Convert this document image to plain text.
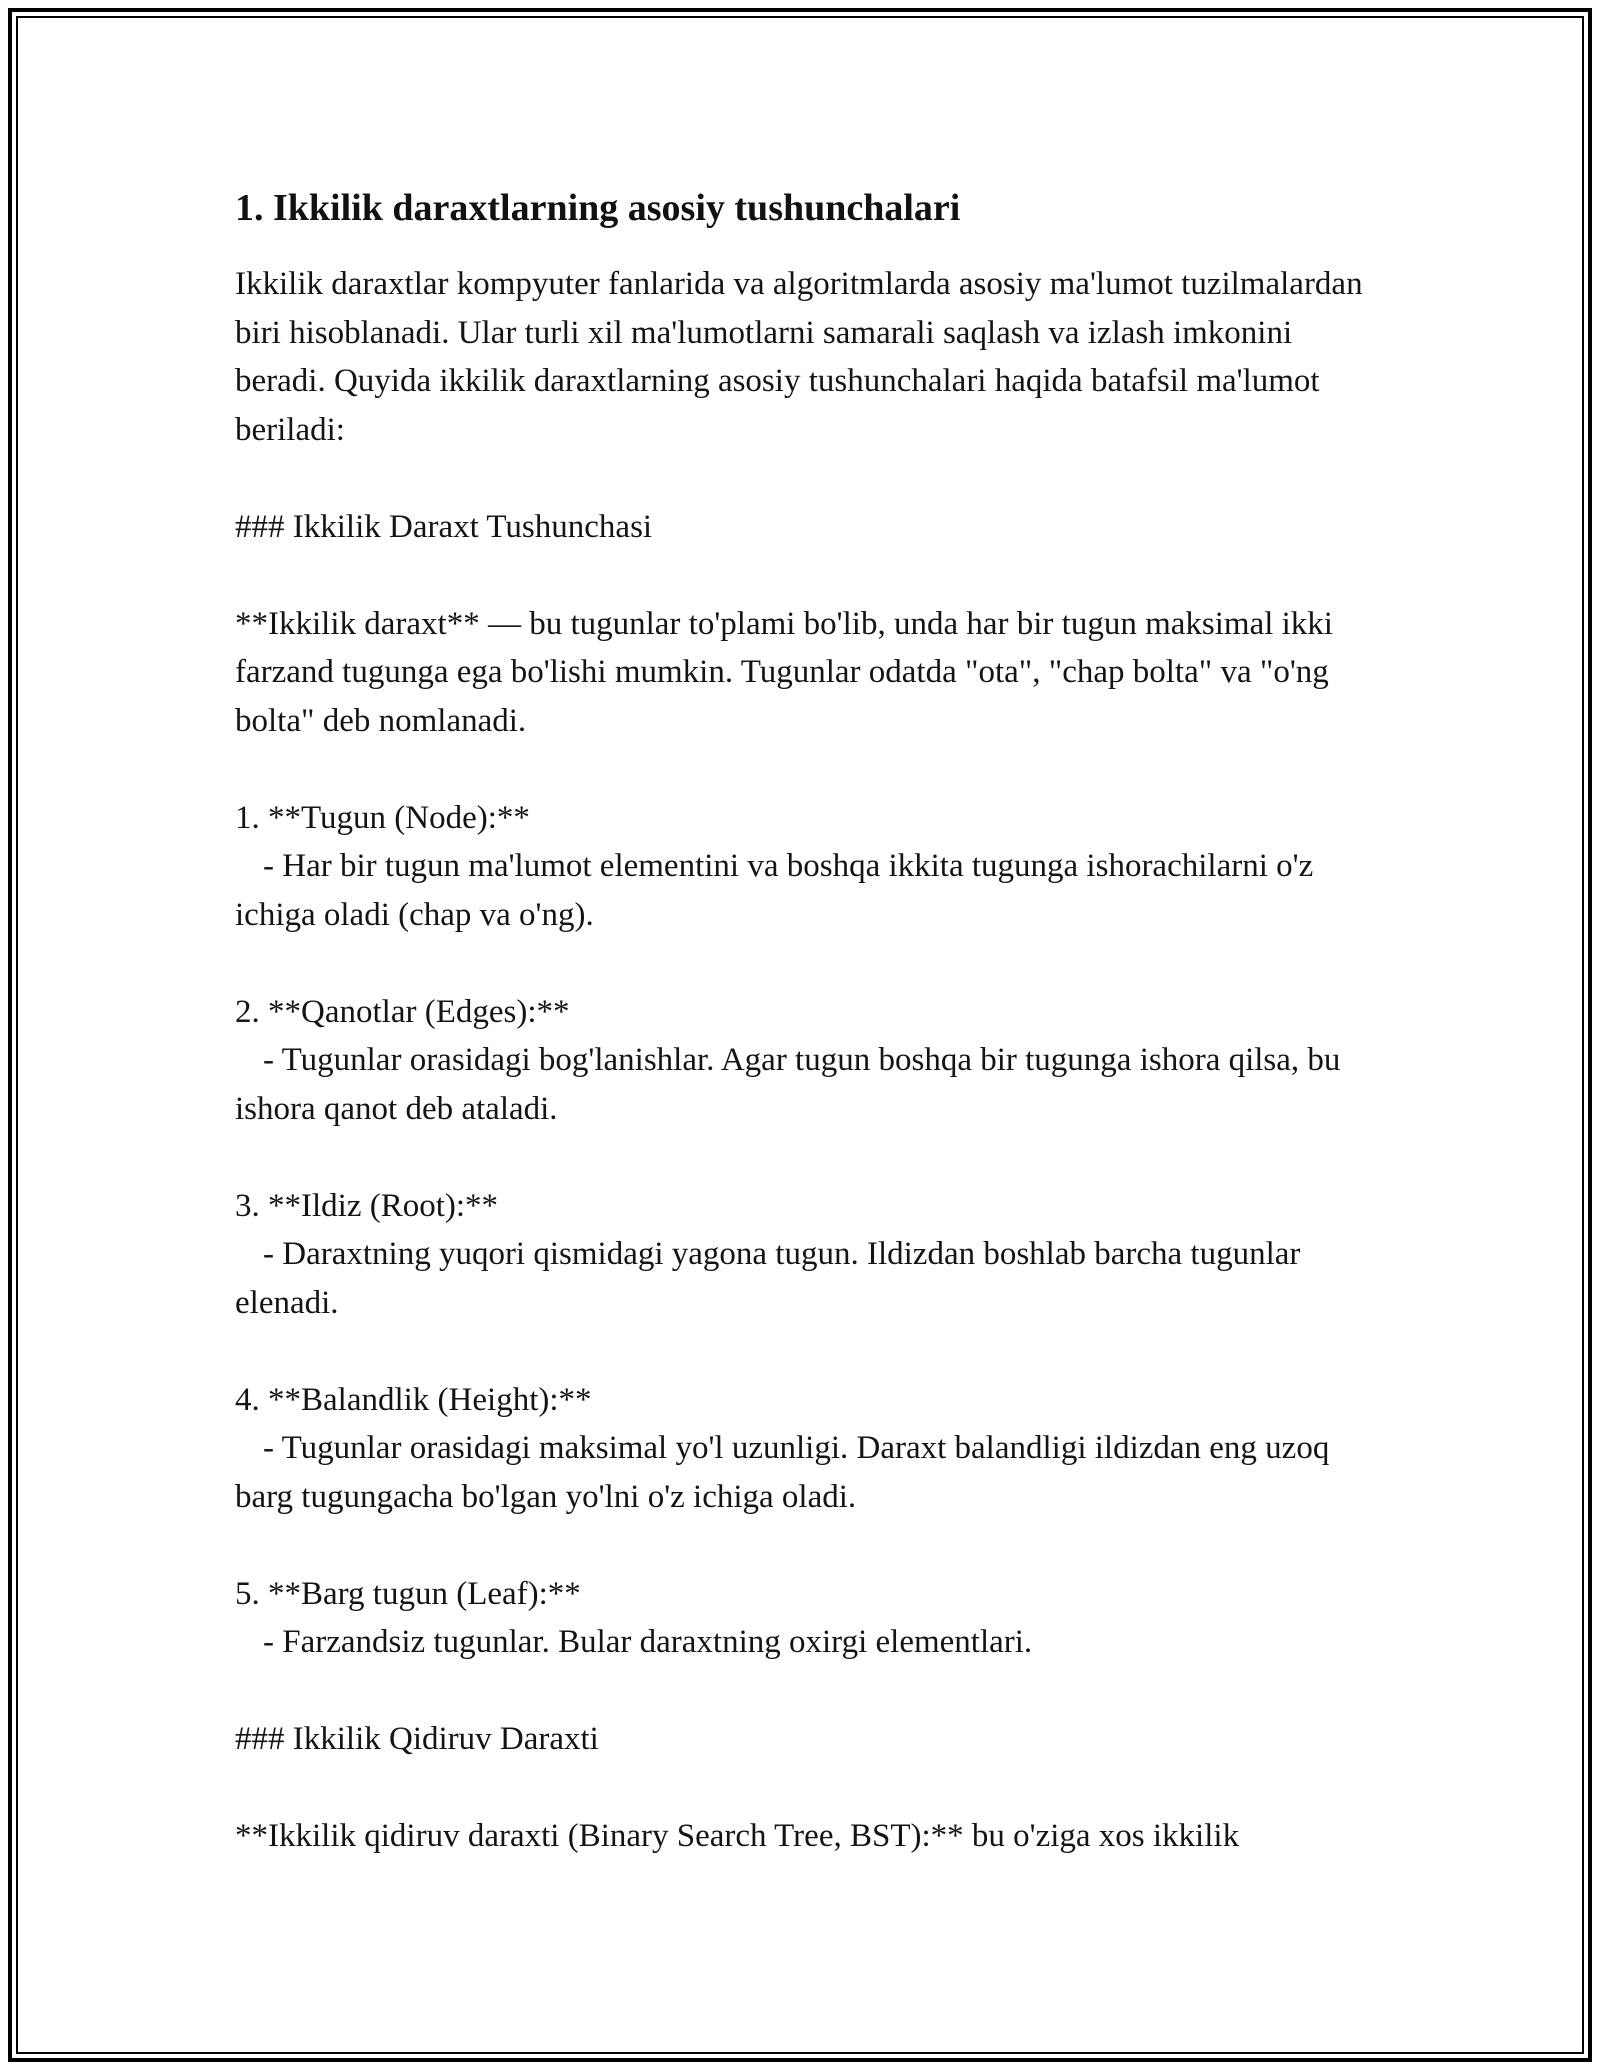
1. Ikkilik daraxtlarning asosiy tushunchalari

Ikkilik daraxtlar kompyuter fanlarida va algoritmlarda asosiy ma'lumot tuzilmalardan biri hisoblanadi. Ular turli xil ma'lumotlarni samarali saqlash va izlash imkonini beradi. Quyida ikkilik daraxtlarning asosiy tushunchalari haqida batafsil ma'lumot beriladi:

### Ikkilik Daraxt Tushunchasi

**Ikkilik daraxt** — bu tugunlar to'plami bo'lib, unda har bir tugun maksimal ikki farzand tugunga ega bo'lishi mumkin. Tugunlar odatda "ota", "chap bolta" va "o'ng bolta" deb nomlanadi.

1. **Tugun (Node):**

- Har bir tugun ma'lumot elementini va boshqa ikkita tugunga ishorachilarni o'z ichiga oladi (chap va o'ng).

2. **Qanotlar (Edges):**

- Tugunlar orasidagi bog'lanishlar. Agar tugun boshqa bir tugunga ishora qilsa, bu ishora qanot deb ataladi.

3. **Ildiz (Root):**

- Daraxtning yuqori qismidagi yagona tugun. Ildizdan boshlab barcha tugunlar elenadi.

4. **Balandlik (Height):**

- Tugunlar orasidagi maksimal yo'l uzunligi. Daraxt balandligi ildizdan eng uzoq barg tugungacha bo'lgan yo'lni o'z ichiga oladi.

5. **Barg tugun (Leaf):**

- Farzandsiz tugunlar. Bular daraxtning oxirgi elementlari.

### Ikkilik Qidiruv Daraxti

**Ikkilik qidiruv daraxti (Binary Search Tree, BST):** bu o'ziga xos ikkilik
